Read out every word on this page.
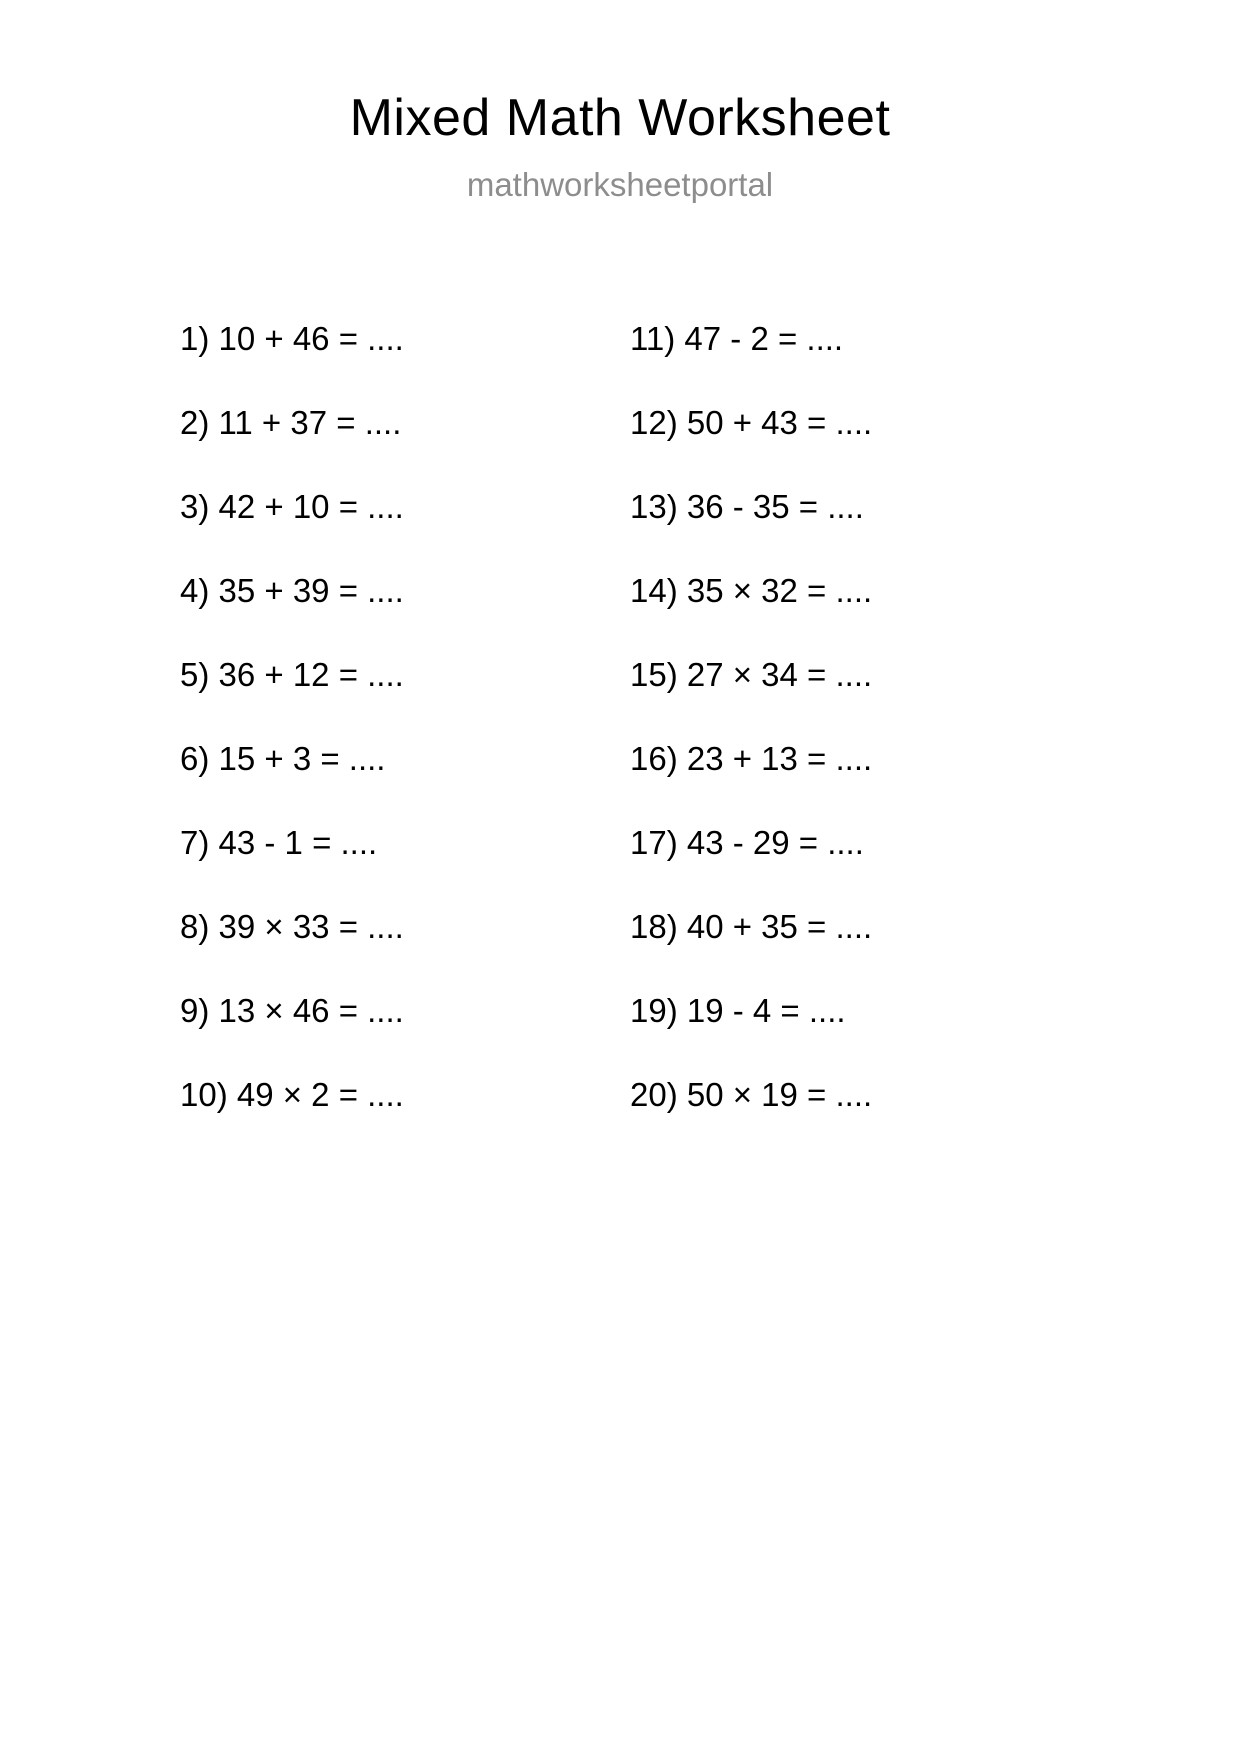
Mixed Math Worksheet
mathworksheetportal
1) 10 + 46 = ....
2) 11 + 37 = ....
3) 42 + 10 = ....
4) 35 + 39 = ....
5) 36 + 12 = ....
6) 15 + 3 = ....
7) 43 - 1 = ....
8) 39 × 33 = ....
9) 13 × 46 = ....
10) 49 × 2 = ....
11) 47 - 2 = ....
12) 50 + 43 = ....
13) 36 - 35 = ....
14) 35 × 32 = ....
15) 27 × 34 = ....
16) 23 + 13 = ....
17) 43 - 29 = ....
18) 40 + 35 = ....
19) 19 - 4 = ....
20) 50 × 19 = ....
